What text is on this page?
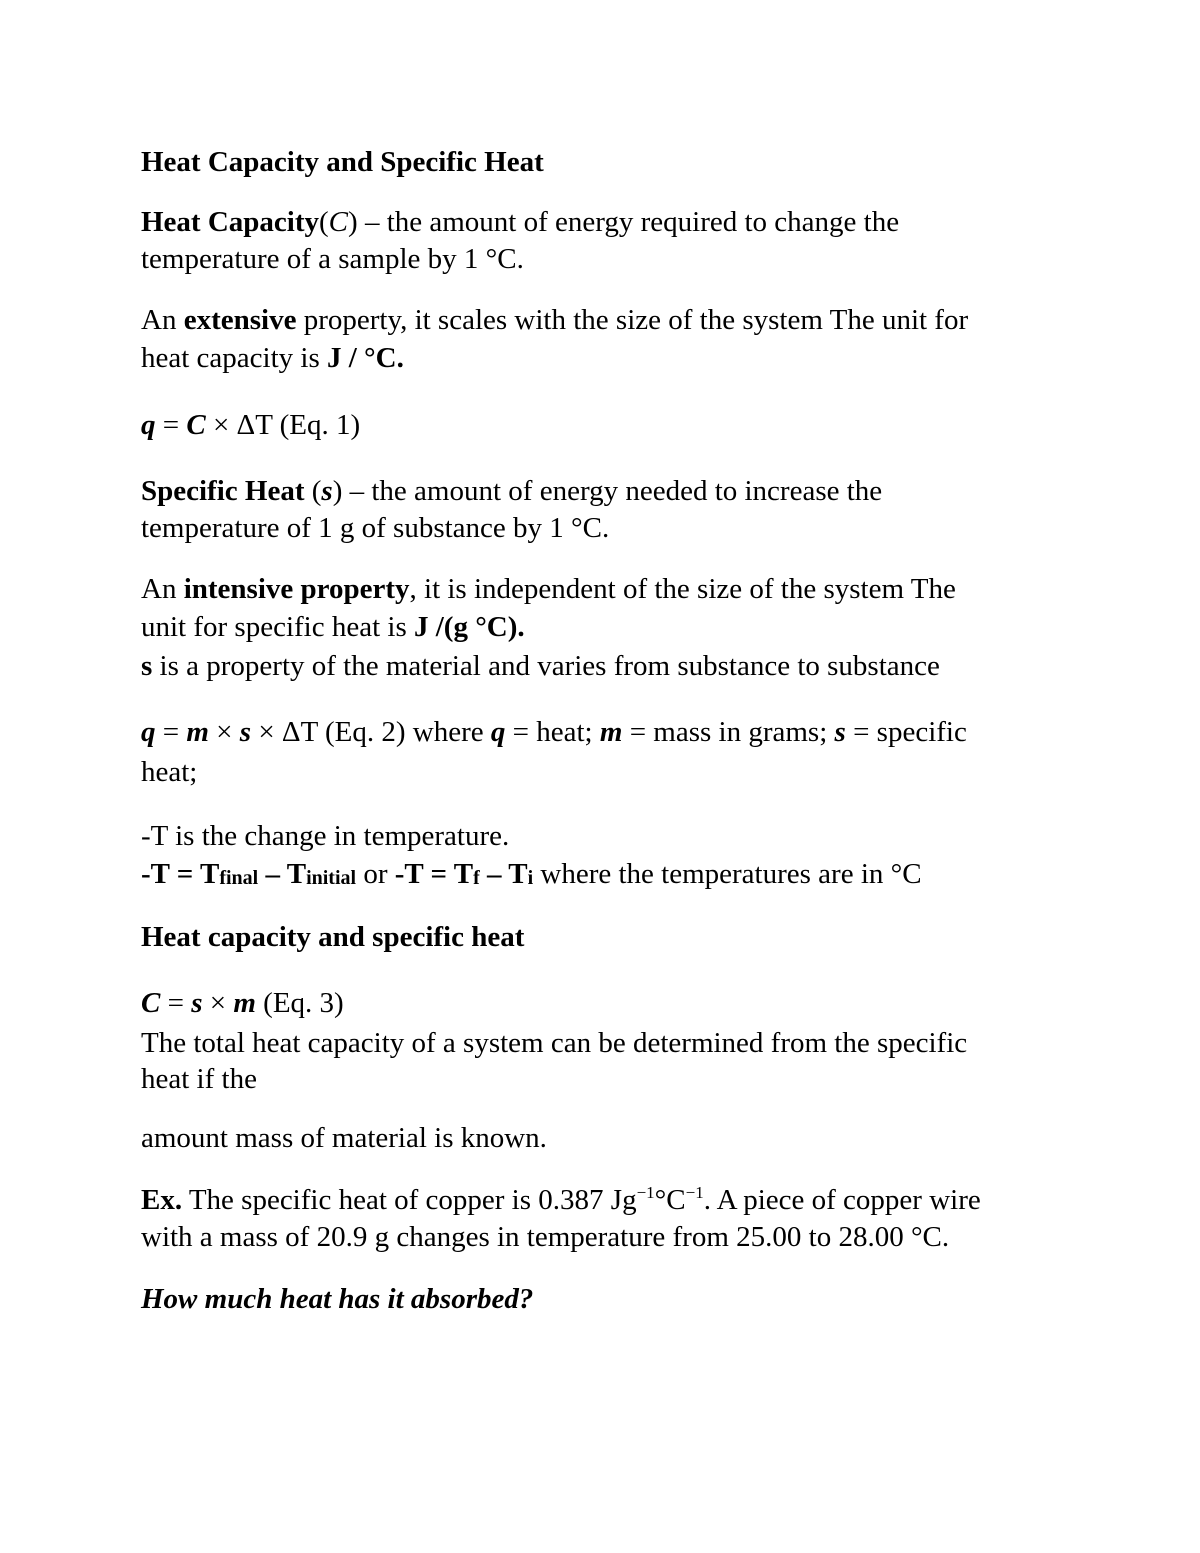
Heat Capacity and Specific Heat
Heat Capacity(C) – the amount of energy required to change the
temperature of a sample by 1 °C.
An extensive property, it scales with the size of the system The unit for
heat capacity is J / °C.
q = C × ΔT (Eq. 1)
Specific Heat (s) – the amount of energy needed to increase the
temperature of 1 g of substance by 1 °C.
An intensive property, it is independent of the size of the system The
unit for specific heat is J /(g °C).
s is a property of the material and varies from substance to substance
q = m × s × ΔT (Eq. 2) where q = heat; m = mass in grams; s = specific
heat;
-T is the change in temperature.
-T = Tfinal – Tinitial or -T = Tf – Ti where the temperatures are in °C
Heat capacity and specific heat
C = s × m (Eq. 3)
The total heat capacity of a system can be determined from the specific
heat if the
amount mass of material is known.
Ex. The specific heat of copper is 0.387 $Jg^{-1}^\circ C^{-1}$. A piece of copper wire
with a mass of 20.9 g changes in temperature from 25.00 to 28.00 °C.
How much heat has it absorbed?
